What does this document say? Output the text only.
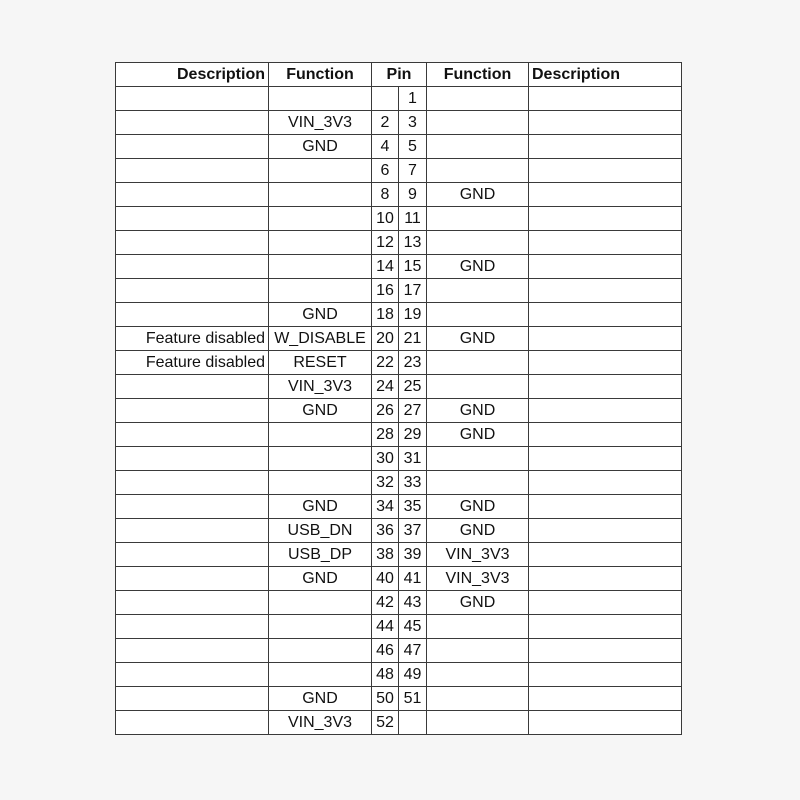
Description	Function	Pin		Function	Description
			1		
	VIN_3V3	2	3		
	GND	4	5		
		6	7		
		8	9	GND	
		10	11		
		12	13		
		14	15	GND	
		16	17		
	GND	18	19		
Feature disabled	W_DISABLE	20	21	GND	
Feature disabled	RESET	22	23		
	VIN_3V3	24	25		
	GND	26	27	GND	
		28	29	GND	
		30	31		
		32	33		
	GND	34	35	GND	
	USB_DN	36	37	GND	
	USB_DP	38	39	VIN_3V3	
	GND	40	41	VIN_3V3	
		42	43	GND	
		44	45		
		46	47		
		48	49		
	GND	50	51		
	VIN_3V3	52			
